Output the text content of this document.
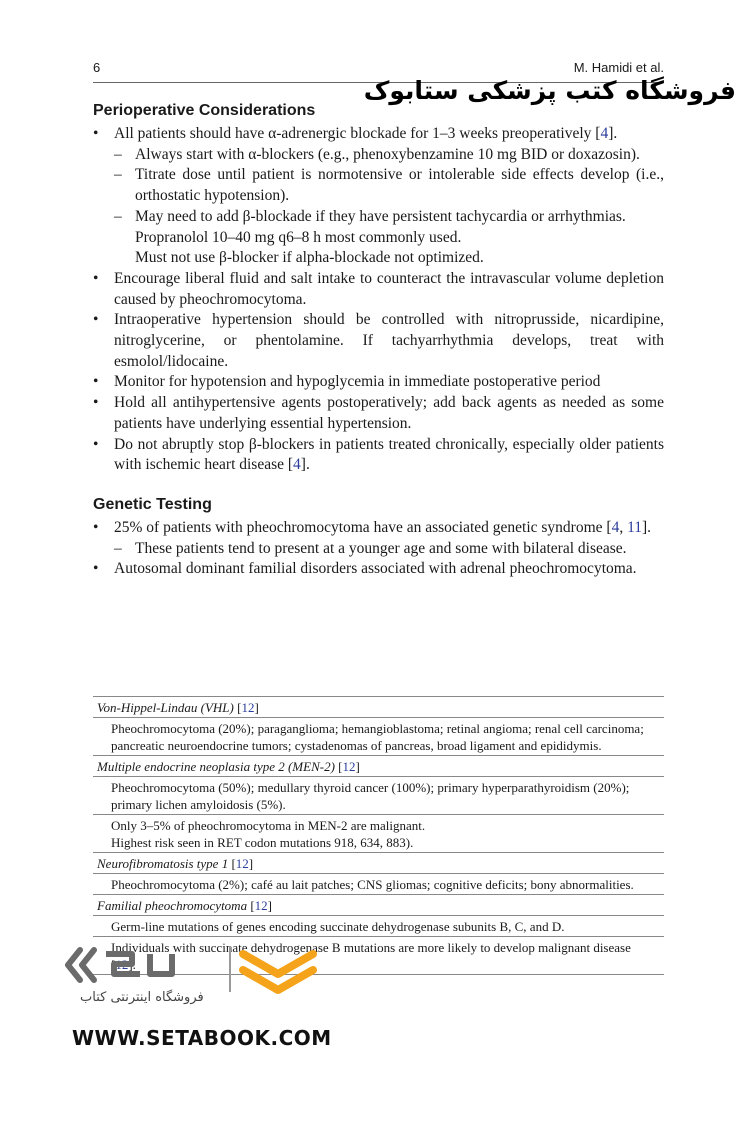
6	M. Hamidi et al.
فروشگاه کتب پزشکی ستابوک
Perioperative Considerations
• All patients should have α-adrenergic blockade for 1–3 weeks preoperatively [4].
– Always start with α-blockers (e.g., phenoxybenzamine 10 mg BID or doxazosin).
– Titrate dose until patient is normotensive or intolerable side effects develop (i.e., orthostatic hypotension).
– May need to add β-blockade if they have persistent tachycardia or arrhythmias.
Propranolol 10–40 mg q6–8 h most commonly used.
Must not use β-blocker if alpha-blockade not optimized.
• Encourage liberal fluid and salt intake to counteract the intravascular volume depletion caused by pheochromocytoma.
• Intraoperative hypertension should be controlled with nitroprusside, nicardipine, nitroglycerine, or phentolamine. If tachyarrhythmia develops, treat with esmolol/lidocaine.
• Monitor for hypotension and hypoglycemia in immediate postoperative period
• Hold all antihypertensive agents postoperatively; add back agents as needed as some patients have underlying essential hypertension.
• Do not abruptly stop β-blockers in patients treated chronically, especially older patients with ischemic heart disease [4].
Genetic Testing
• 25% of patients with pheochromocytoma have an associated genetic syndrome [4, 11].
– These patients tend to present at a younger age and some with bilateral disease.
• Autosomal dominant familial disorders associated with adrenal pheochromocytoma.
Von-Hippel-Lindau (VHL) [12]
Pheochromocytoma (20%); paraganglioma; hemangioblastoma; retinal angioma; renal cell carcinoma; pancreatic neuroendocrine tumors; cystadenomas of pancreas, broad ligament and epididymis.
Multiple endocrine neoplasia type 2 (MEN-2) [12]
Pheochromocytoma (50%); medullary thyroid cancer (100%); primary hyperparathyroidism (20%); primary lichen amyloidosis (5%).
Only 3–5% of pheochromocytoma in MEN-2 are malignant.
Highest risk seen in RET codon mutations 918, 634, 883).
Neurofibromatosis type 1 [12]
Pheochromocytoma (2%); café au lait patches; CNS gliomas; cognitive deficits; bony abnormalities.
Familial pheochromocytoma [12]
Germ-line mutations of genes encoding succinate dehydrogenase subunits B, C, and D.
Individuals with succinate dehydrogenase B mutations are more likely to develop malignant disease [12].
فروشگاه اینترنتی کتاب
WWW.SETABOOK.COM
